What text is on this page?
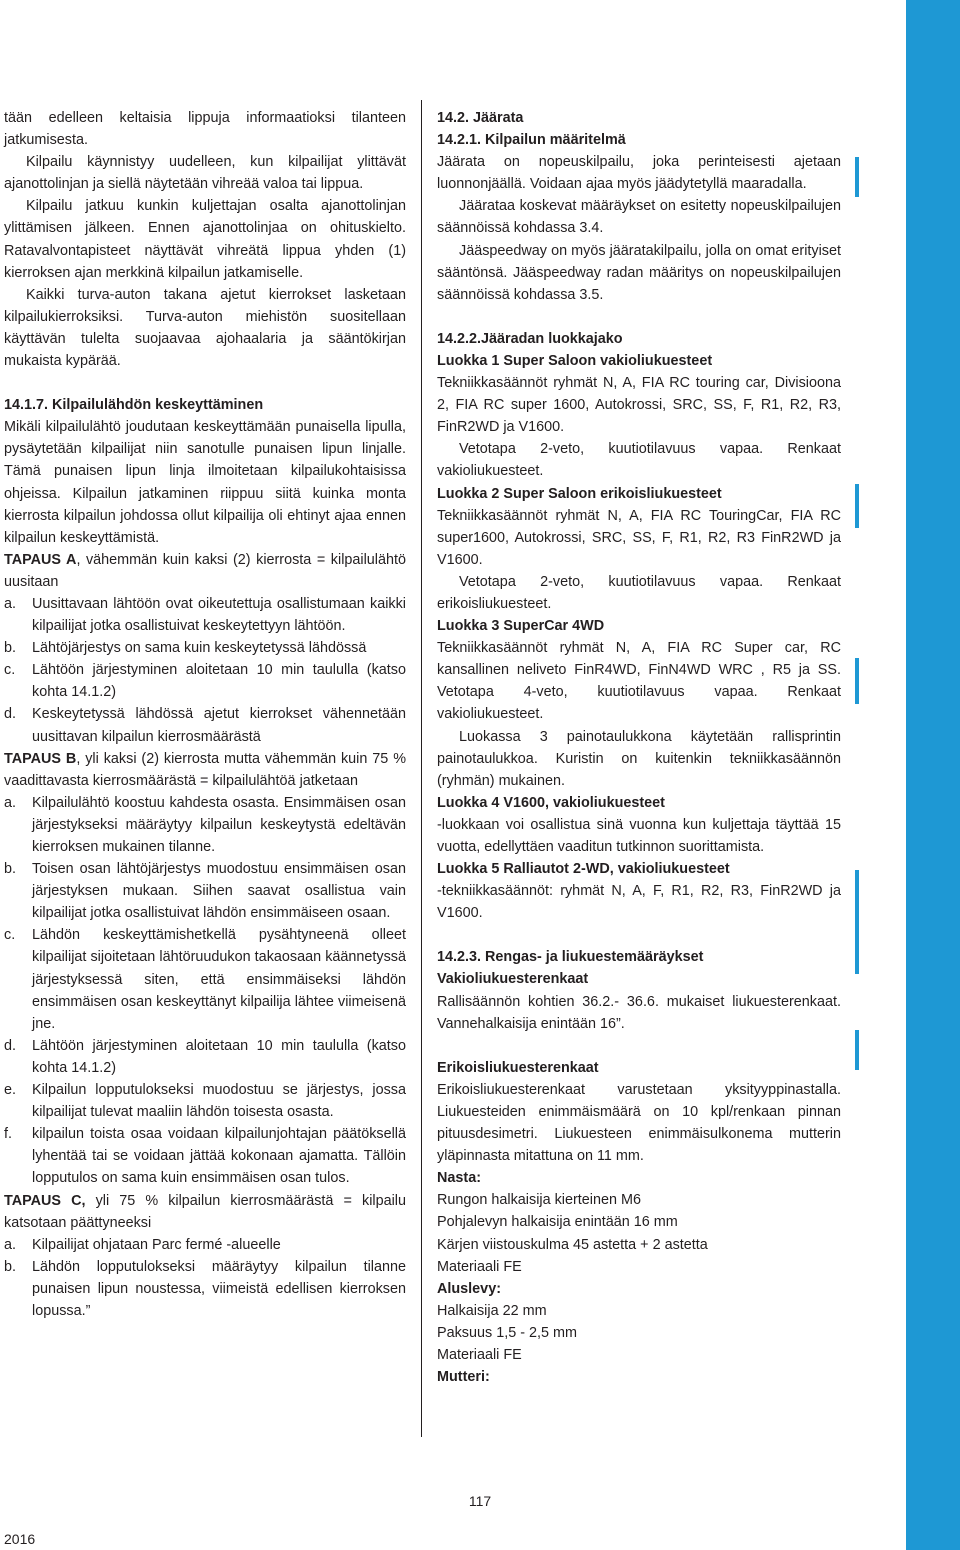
tään edelleen keltaisia lippuja informaatioksi tilanteen jatkumisesta.

Kilpailu käynnistyy uudelleen, kun kilpailijat ylittävät ajanottolinjan ja siellä näytetään vihreää valoa tai lippua.

Kilpailu jatkuu kunkin kuljettajan osalta ajanottolinjan ylittämisen jälkeen. Ennen ajanottolinjaa on ohituskielto. Ratavalvontapisteet näyttävät vihreätä lippua yhden (1) kierroksen ajan merkkinä kilpailun jatkamiselle.

Kaikki turva-auton takana ajetut kierrokset lasketaan kilpailukierroksiksi. Turva-auton miehistön suositellaan käyttävän tulelta suojaavaa ajohaalaria ja sääntökirjan mukaista kypärää.

14.1.7. Kilpailulähdön keskeyttäminen

Mikäli kilpailulähtö joudutaan keskeyttämään punaisella lipulla, pysäytetään kilpailijat niin sanotulle punaisen lipun linjalle. Tämä punaisen lipun linja ilmoitetaan kilpailukohtaisissa ohjeissa. Kilpailun jatkaminen riippuu siitä kuinka monta kierrosta kilpailun johdossa ollut kilpailija oli ehtinyt ajaa ennen kilpailun keskeyttämistä.

TAPAUS A, vähemmän kuin kaksi (2) kierrosta = kilpailulähtö uusitaan

a.	Uusittavaan lähtöön ovat oikeutettuja osallistumaan kaikki kilpailijat jotka osallistuivat keskeytettyyn lähtöön.
b.	Lähtöjärjestys on sama kuin keskeytetyssä lähdössä
c.	Lähtöön järjestyminen aloitetaan 10 min taululla (katso kohta 14.1.2)
d.	Keskeytetyssä lähdössä ajetut kierrokset vähennetään uusittavan kilpailun kierrosmäärästä

TAPAUS B, yli kaksi (2) kierrosta mutta vähemmän kuin 75 % vaadittavasta kierrosmäärästä = kilpailulähtöä jatketaan

a.	Kilpailulähtö koostuu kahdesta osasta. Ensimmäisen osan järjestykseksi määräytyy kilpailun keskeytystä edeltävän kierroksen mukainen tilanne.
b.	Toisen osan lähtöjärjestys muodostuu ensimmäisen osan järjestyksen mukaan. Siihen saavat osallistua vain kilpailijat jotka osallistuivat lähdön ensimmäiseen osaan.
c.	Lähdön keskeyttämishetkellä pysähtyneenä olleet kilpailijat sijoitetaan lähtöruudukon takaosaan käännetyssä järjestyksessä siten, että ensimmäiseksi lähdön ensimmäisen osan keskeyttänyt kilpailija lähtee viimeisenä jne.
d.	Lähtöön järjestyminen aloitetaan 10 min taululla (katso kohta 14.1.2)
e.	Kilpailun lopputulokseksi muodostuu se järjestys, jossa kilpailijat tulevat maaliin lähdön toisesta osasta.
f.	kilpailun toista osaa voidaan kilpailunjohtajan päätöksellä lyhentää tai se voidaan jättää kokonaan ajamatta. Tällöin lopputulos on sama kuin ensimmäisen osan tulos.

TAPAUS C, yli 75 % kilpailun kierrosmäärästä = kilpailu katsotaan päättyneeksi

a.	Kilpailijat ohjataan Parc fermé -alueelle
b.	Lähdön lopputulokseksi määräytyy kilpailun tilanne punaisen lipun noustessa, viimeistä edellisen kierroksen lopussa.”

14.2. Jäärata

14.2.1. Kilpailun määritelmä

Jäärata on nopeuskilpailu, joka perinteisesti ajetaan luonnonjäällä. Voidaan ajaa myös jäädytetyllä maaradalla.

Jäärataa koskevat määräykset on esitetty nopeuskilpailujen säännöissä kohdassa 3.4.

Jääspeedway on myös jääratakilpailu, jolla on omat erityiset sääntönsä. Jääspeedway radan määritys on nopeuskilpailujen säännöissä kohdassa 3.5.

14.2.2.Jääradan luokkajako

Luokka 1 Super Saloon vakioliukuesteet

Tekniikkasäännöt ryhmät N, A, FIA RC touring car, Divisioona 2, FIA RC super 1600, Autokrossi, SRC, SS, F, R1, R2, R3, FinR2WD ja V1600.

Vetotapa 2-veto, kuutiotilavuus vapaa. Renkaat vakioliukuesteet.

Luokka 2 Super Saloon erikoisliukuesteet

Tekniikkasäännöt ryhmät N, A, FIA RC TouringCar, FIA RC super1600, Autokrossi, SRC, SS, F, R1, R2, R3 FinR2WD ja V1600.

Vetotapa 2-veto, kuutiotilavuus vapaa. Renkaat erikoisliukuesteet.

Luokka 3 SuperCar 4WD

Tekniikkasäännöt ryhmät N, A, FIA RC Super car, RC kansallinen neliveto FinR4WD, FinN4WD WRC , R5 ja SS. Vetotapa 4-veto, kuutiotilavuus vapaa. Renkaat vakioliukuesteet.

Luokassa 3 painotaulukkona käytetään rallisprintin painotaulukkoa. Kuristin on kuitenkin tekniikkasäännön (ryhmän) mukainen.

Luokka 4 V1600, vakioliukuesteet

-luokkaan voi osallistua sinä vuonna kun kuljettaja täyttää 15 vuotta, edellyttäen vaaditun tutkinnon suorittamista.

Luokka 5 Ralliautot 2-WD, vakioliukuesteet

-tekniikkasäännöt: ryhmät N, A, F, R1, R2, R3, FinR2WD ja V1600.

14.2.3. Rengas- ja liukuestemääräykset

Vakioliukuesterenkaat

Rallisäännön kohtien 36.2.- 36.6. mukaiset liukuesterenkaat. Vannehalkaisija enintään 16”.

Erikoisliukuesterenkaat

Erikoisliukuesterenkaat varustetaan yksityyppinastalla. Liukuesteiden enimmäismäärä on 10 kpl/renkaan pinnan pituusdesimetri. Liukuesteen enimmäisulkonema mutterin yläpinnasta mitattuna on 11 mm.

Nasta:

Rungon halkaisija kierteinen M6

Pohjalevyn halkaisija enintään 16 mm

Kärjen viistouskulma 45 astetta + 2 astetta

Materiaali FE

Aluslevy:

Halkaisija 22 mm

Paksuus 1,5 - 2,5 mm

Materiaali FE

Mutteri:

117
2016
